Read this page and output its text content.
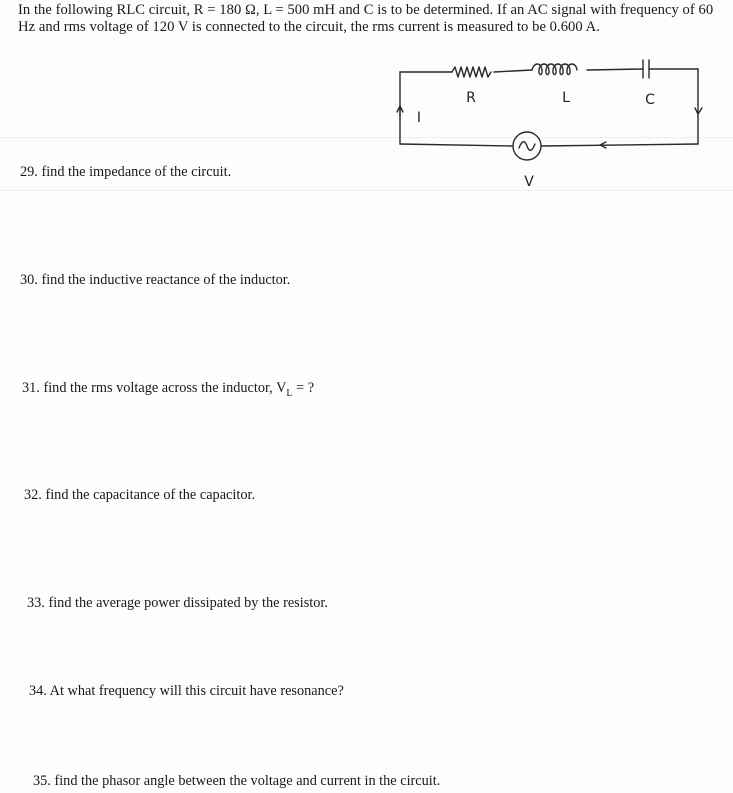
In the following RLC circuit, R = 180 Ω, L = 500 mH and C is to be determined. If an AC signal with frequency of 60 Hz and rms voltage of 120 V is connected to the circuit, the rms current is measured to be 0.600 A.
R	L	C
I
V
29. find the impedance of the circuit.
30. find the inductive reactance of the inductor.
31. find the rms voltage across the inductor, $V_L$ = ?
32. find the capacitance of the capacitor.
33. find the average power dissipated by the resistor.
34. At what frequency will this circuit have resonance?
35. find the phasor angle between the voltage and current in the circuit.
